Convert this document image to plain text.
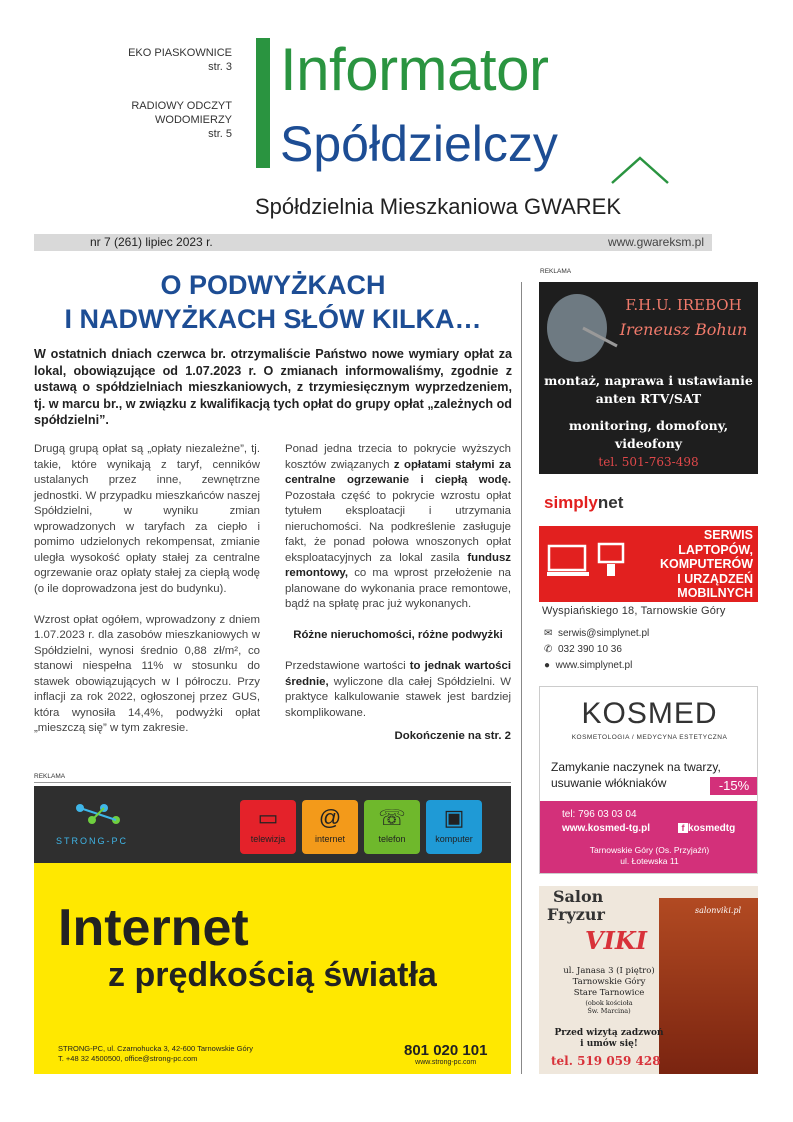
EKO PIASKOWNICE
str. 3
RADIOWY ODCZYT
WODOMIERZY
str. 5
Informator
Spółdzielczy
Spółdzielnia Mieszkaniowa GWAREK
nr 7 (261) lipiec 2023 r.	www.gwareksm.pl
O PODWYŻKACH
I NADWYŻKACH SŁÓW KILKA…
W ostatnich dniach czerwca br. otrzymaliście Państwo nowe wymiary opłat za lokal, obowiązujące od 1.07.2023 r. O zmianach informowaliśmy, zgodnie z ustawą o spółdzielniach mieszkaniowych, z trzymiesięcznym wyprzedzeniem, tj. w marcu br., w związku z kwalifikacją tych opłat do grupy opłat „zależnych od spółdzielni”.

Drugą grupą opłat są „opłaty niezależne”, tj. takie, które wynikają z taryf, cenników ustalanych przez inne, zewnętrzne jednostki. W przypadku mieszkańców naszej Spółdzielni, w wyniku zmian wprowadzonych w taryfach za ciepło i pomimo udzielonych rekompensat, zmianie uległa wysokość opłaty stałej za centralne ogrzewanie oraz opłaty stałej za ciepłą wodę (o ile doprowadzona jest do budynku).

Wzrost opłat ogółem, wprowadzony z dniem 1.07.2023 r. dla zasobów mieszkaniowych w Spółdzielni, wynosi średnio 0,88 zł/m², co stanowi niespełna 11% w stosunku do stawek obowiązujących w I półroczu. Przy inflacji za rok 2022, ogłoszonej przez GUS, która wynosiła 14,4%, podwyżki opłat „mieszczą się” w tym zakresie.

Ponad jedna trzecia to pokrycie wyższych kosztów związanych z opłatami stałymi za centralne ogrzewanie i ciepłą wodę. Pozostała część to pokrycie wzrostu opłat tytułem eksploatacji i utrzymania nieruchomości. Na podkreślenie zasługuje fakt, że ponad połowa wnoszonych opłat eksploatacyjnych za lokal zasila fundusz remontowy, co ma wprost przełożenie na planowane do wykonania prace remontowe, bądź na spłatę prac już wykonanych.

Różne nieruchomości, różne podwyżki

Przedstawione wartości to jednak wartości średnie, wyliczone dla całej Spółdzielni. W praktyce kalkulowanie stawek jest bardziej skomplikowane.

Dokończenie na str. 2

REKLAMA
STRONG-PC
▭
telewizja
@
internet
☏
telefon
▣
komputer
Internet
z prędkością światła
STRONG-PC, ul. Czarnohucka 3, 42-600 Tarnowskie Góry
T. +48 32 4500500, office@strong-pc.com	801 020 101
www.strong-pc.com
REKLAMA
F.H.U. IREBOH
Ireneusz Bohun
montaż, naprawa i ustawianie
anten RTV/SAT
monitoring, domofony,
videofony
tel. 501-763-498
simplynet
SERWIS
LAPTOPÓW,
KOMPUTERÓW
I URZĄDZEŃ
MOBILNYCH
Wyspiańskiego 18, Tarnowskie Góry
✉ serwis@simplynet.pl
✆ 032 390 10 36
● www.simplynet.pl
KOSMED
KOSMETOLOGIA / MEDYCYNA ESTETYCZNA
Zamykanie naczynek na twarzy,
usuwanie włókniaków	-15%
tel: 796 03 03 04
www.kosmed-tg.pl	f kosmedtg
Tarnowskie Góry (Os. Przyjaźń)
ul. Łotewska 11
Salon
Fryzur	salonviki.pl
VIKI
ul. Janasa 3 (I piętro)
Tarnowskie Góry
Stare Tarnowice
(obok kościoła
Św. Marcina)
Przed wizytą zadzwoń
i umów się!
tel. 519 059 428
